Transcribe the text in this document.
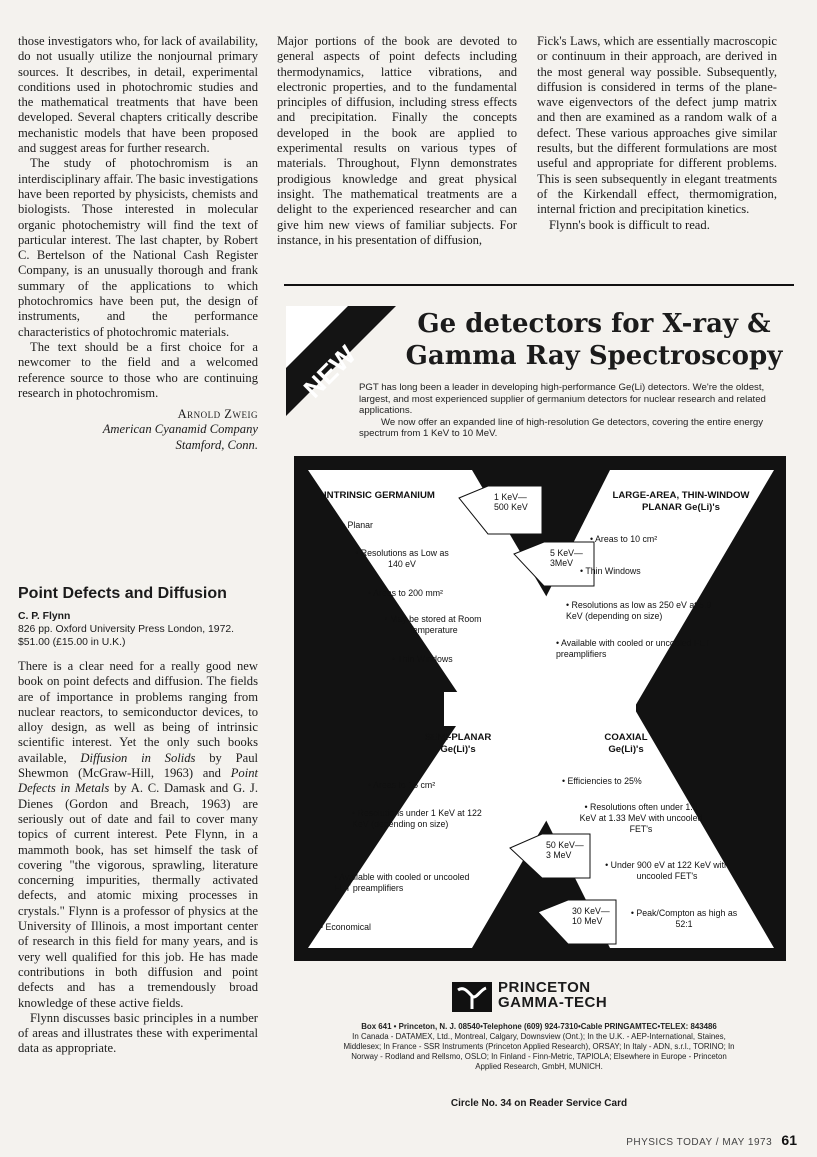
those investigators who, for lack of availability, do not usually utilize the nonjournal primary sources. It describes, in detail, experimental conditions used in photochromic studies and the mathematical treatments that have been developed. Several chapters critically describe mechanistic models that have been proposed and suggest areas for further research.

The study of photochromism is an interdisciplinary affair. The basic investigations have been reported by physicists, chemists and biologists. Those interested in molecular organic photochemistry will find the text of particular interest. The last chapter, by Robert C. Bertelson of the National Cash Register Company, is an unusually thorough and frank summary of the applications to which photochromics have been put, the design of instruments, and the performance characteristics of photochromic materials.

The text should be a first choice for a newcomer to the field and a welcomed reference source to those who are continuing research in photochromism.

Arnold Zweig
American Cyanamid Company
Stamford, Conn.
Point Defects and Diffusion
C. P. Flynn
826 pp. Oxford University Press London, 1972. $51.00 (£15.00 in U.K.)

There is a clear need for a really good new book on point defects and diffusion. The fields are of importance in problems ranging from nuclear reactors, to semiconductor devices, to alloy design, as well as being of intrinsic scientific interest. Yet the only such books available, Diffusion in Solids by Paul Shewmon (McGraw-Hill, 1963) and Point Defects in Metals by A. C. Damask and G. J. Dienes (Gordon and Breach, 1963) are seriously out of date and fail to cover many topics of current interest. Pete Flynn, in a mammoth book, has set himself the task of covering "the vigorous, sprawling, literature concerning impurities, thermally activated defects, and atomic mixing processes in crystals." Flynn is a professor of physics at the University of Illinois, a most important center of research in this field for many years, and is very well qualified for this job. He has made contributions in both diffusion and point defects and has a tremendously broad knowledge of these active fields.

Flynn discusses basic principles in a number of areas and illustrates these with experimental data as appropriate.

Major portions of the book are devoted to general aspects of point defects including thermodynamics, lattice vibrations, and electronic properties, and to the fundamental principles of diffusion, including stress effects and precipitation. Finally the concepts developed in the book are applied to experimental results on various types of materials. Throughout, Flynn demonstrates prodigious knowledge and great physical insight. The mathematical treatments are a delight to the experienced researcher and can give him new views of familiar subjects. For instance, in his presentation of diffusion,

Fick's Laws, which are essentially macroscopic or continuum in their approach, are derived in the most general way possible. Subsequently, diffusion is considered in terms of the plane-wave eigenvectors of the defect jump matrix and then are examined as a random walk of a defect. These various approaches give similar results, but the different formulations are most useful and appropriate for different problems. This is seen subsequently in elegant treatments of the Kirkendall effect, thermomigration, internal friction and precipitation kinetics.

Flynn's book is difficult to read.

NEW
Ge detectors for X-ray &
Gamma Ray Spectroscopy

PGT has long been a leader in developing high-performance Ge(Li) detectors. We're the oldest, largest, and most experienced supplier of germanium detectors for nuclear research and related applications.

We now offer an expanded line of high-resolution Ge detectors, covering the entire energy spectrum from 1 KeV to 10 MeV.

1 KeV— 500 KeV
5 KeV— 3MeV
50 KeV— 3 MeV
30 KeV— 10 MeV
INTRINSIC GERMANIUM
• Planar
• Resolutions as Low as 140 eV
• Areas to 200 mm²
• May be stored at Room Temperature
• Thin Windows
LARGE-AREA, THIN-WINDOW PLANAR Ge(Li)'s
• Areas to 10 cm²
• Thin Windows
• Resolutions as low as 250 eV at 5.9 KeV (depending on size)
• Available with cooled or uncooled FET preamplifiers
SEMI-PLANAR Ge(Li)'s
• Areas to 15 cm²
• Resolutions under 1 KeV at 122 KeV (depending on size)
• Available with cooled or uncooled FET preamplifiers
• Economical
COAXIAL Ge(Li)'s
• Efficiencies to 25%
• Resolutions often under 1.8 KeV at 1.33 MeV with uncooled FET's
• Under 900 eV at 122 KeV with uncooled FET's
• Peak/Compton as high as 52:1
PRINCETON
GAMMA-TECH
Box 641 • Princeton, N. J. 08540•Telephone (609) 924-7310•Cable PRINGAMTEC•TELEX: 843486
In Canada - DATAMEX, Ltd., Montreal, Calgary, Downsview (Ont.); In the U.K. - AEP-International, Staines, Middlesex; In France - SSR Instruments (Princeton Applied Research), ORSAY; In Italy - ADN, s.r.l., TORINO; In Norway - Rodland and Rellsmo, OSLO; In Finland - Finn-Metric, TAPIOLA; Elsewhere in Europe - Princeton Applied Research, GmbH, MUNICH.
Circle No. 34 on Reader Service Card
PHYSICS TODAY / MAY 1973 61
